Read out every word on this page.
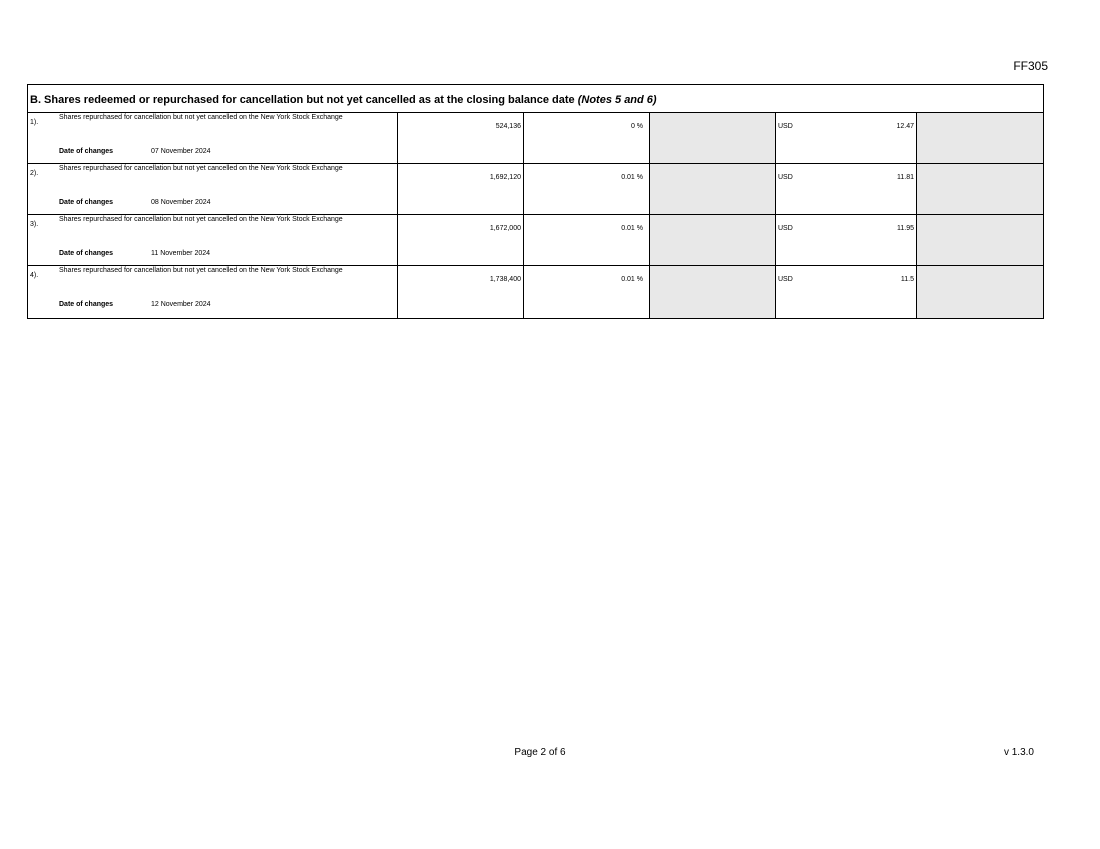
FF305
B. Shares redeemed or repurchased for cancellation but not yet cancelled as at the closing balance date (Notes 5 and 6)
1).
Shares repurchased for cancellation but not yet cancelled on the New York Stock Exchange
Date of changes	07 November 2024
524,136	0 %	USD	12.47
2).
Shares repurchased for cancellation but not yet cancelled on the New York Stock Exchange
Date of changes	08 November 2024
1,692,120	0.01 %	USD	11.81
3).
Shares repurchased for cancellation but not yet cancelled on the New York Stock Exchange
Date of changes	11 November 2024
1,672,000	0.01 %	USD	11.95
4).
Shares repurchased for cancellation but not yet cancelled on the New York Stock Exchange
Date of changes	12 November 2024
1,738,400	0.01 %	USD	11.5
Page 2 of 6	v 1.3.0
